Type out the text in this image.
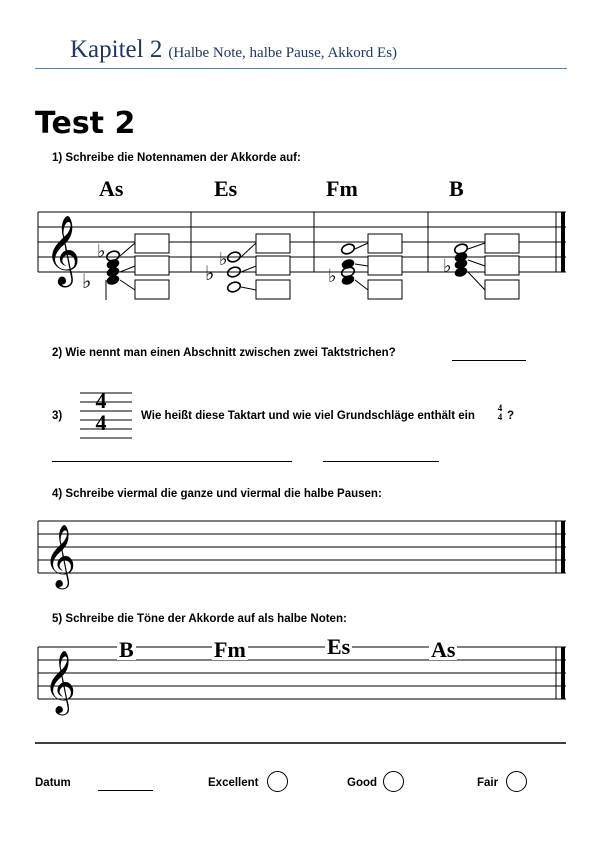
Kapitel 2 (Halbe Note, halbe Pause, Akkord Es)
Test 2
1) Schreibe die Notennamen der Akkorde auf:
As	Es	Fm	B
𝄞 ♭
♭
♭
♭
♭	♭
𝄞
𝄞
4
4
2) Wie nennt man einen Abschnitt zwischen zwei Taktstrichen?
3)	Wie heißt diese Taktart und wie viel Grundschläge enthält ein
4
4 ?
4) Schreibe viermal die ganze und viermal die halbe Pausen:
5) Schreibe die Töne der Akkorde auf als halbe Noten:
B	Fm	Es	As
Datum	Excellent	Good	Fair
